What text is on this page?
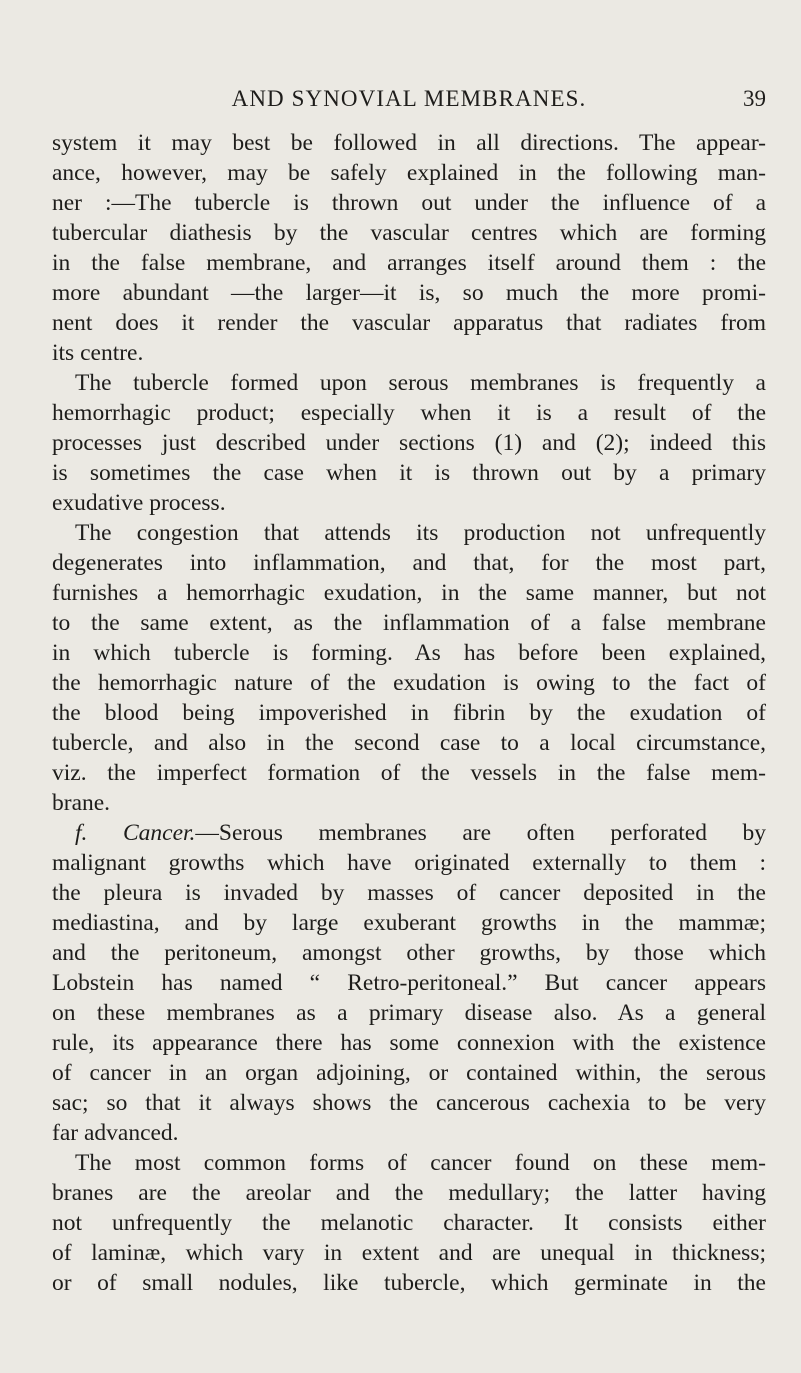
AND SYNOVIAL MEMBRANES.	39
system it may best be followed in all directions. The appear-
ance, however, may be safely explained in the following man-
ner :—The tubercle is thrown out under the influence of a
tubercular diathesis by the vascular centres which are forming
in the false membrane, and arranges itself around them : the
more abundant —the larger—it is, so much the more promi-
nent does it render the vascular apparatus that radiates from
its centre.
The tubercle formed upon serous membranes is frequently a
hemorrhagic product; especially when it is a result of the
processes just described under sections (1) and (2); indeed this
is sometimes the case when it is thrown out by a primary
exudative process.
The congestion that attends its production not unfrequently
degenerates into inflammation, and that, for the most part,
furnishes a hemorrhagic exudation, in the same manner, but not
to the same extent, as the inflammation of a false membrane
in which tubercle is forming. As has before been explained,
the hemorrhagic nature of the exudation is owing to the fact of
the blood being impoverished in fibrin by the exudation of
tubercle, and also in the second case to a local circumstance,
viz. the imperfect formation of the vessels in the false mem-
brane.
f. Cancer.—Serous membranes are often perforated by
malignant growths which have originated externally to them :
the pleura is invaded by masses of cancer deposited in the
mediastina, and by large exuberant growths in the mammæ;
and the peritoneum, amongst other growths, by those which
Lobstein has named “ Retro-peritoneal.” But cancer appears
on these membranes as a primary disease also. As a general
rule, its appearance there has some connexion with the existence
of cancer in an organ adjoining, or contained within, the serous
sac; so that it always shows the cancerous cachexia to be very
far advanced.
The most common forms of cancer found on these mem-
branes are the areolar and the medullary; the latter having
not unfrequently the melanotic character. It consists either
of laminæ, which vary in extent and are unequal in thickness;
or of small nodules, like tubercle, which germinate in the
